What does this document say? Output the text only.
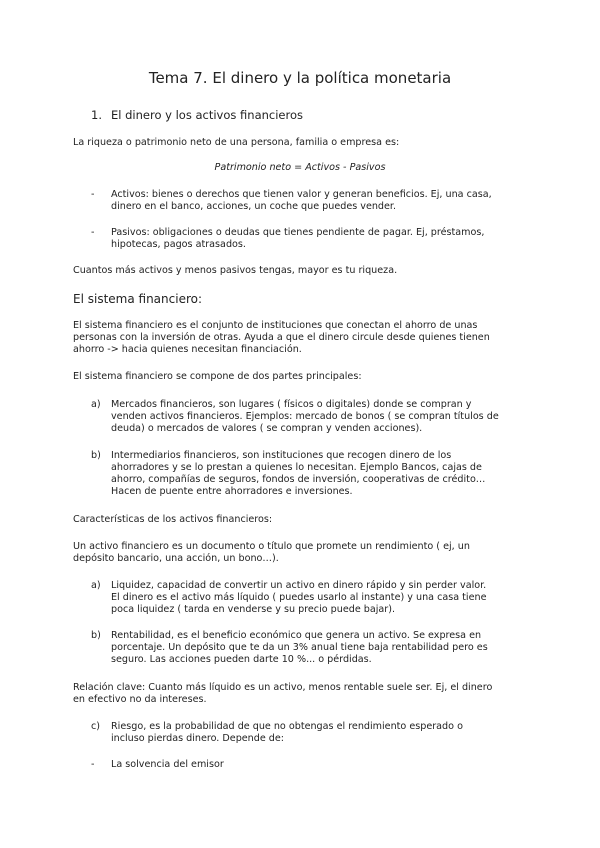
Tema 7. El dinero y la política monetaria
1. El dinero y los activos financieros
La riqueza o patrimonio neto de una persona, familia o empresa es:
Patrimonio neto = Activos - Pasivos
- Activos: bienes o derechos que tienen valor y generan beneficios. Ej, una casa,
dinero en el banco, acciones, un coche que puedes vender.
- Pasivos: obligaciones o deudas que tienes pendiente de pagar. Ej, préstamos,
hipotecas, pagos atrasados.
Cuantos más activos y menos pasivos tengas, mayor es tu riqueza.
El sistema financiero:
El sistema financiero es el conjunto de instituciones que conectan el ahorro de unas
personas con la inversión de otras. Ayuda a que el dinero circule desde quienes tienen
ahorro -> hacia quienes necesitan financiación.
El sistema financiero se compone de dos partes principales:
a) Mercados financieros, son lugares ( físicos o digitales) donde se compran y
venden activos financieros. Ejemplos: mercado de bonos ( se compran títulos de
deuda) o mercados de valores ( se compran y venden acciones).
b) Intermediarios financieros, son instituciones que recogen dinero de los
ahorradores y se lo prestan a quienes lo necesitan. Ejemplo Bancos, cajas de
ahorro, compañías de seguros, fondos de inversión, cooperativas de crédito…
Hacen de puente entre ahorradores e inversiones.
Características de los activos financieros:
Un activo financiero es un documento o título que promete un rendimiento ( ej, un
depósito bancario, una acción, un bono…).
a) Liquidez, capacidad de convertir un activo en dinero rápido y sin perder valor.
El dinero es el activo más líquido ( puedes usarlo al instante) y una casa tiene
poca liquidez ( tarda en venderse y su precio puede bajar).
b) Rentabilidad, es el beneficio económico que genera un activo. Se expresa en
porcentaje. Un depósito que te da un 3% anual tiene baja rentabilidad pero es
seguro. Las acciones pueden darte 10 %... o pérdidas.
Relación clave: Cuanto más líquido es un activo, menos rentable suele ser. Ej, el dinero
en efectivo no da intereses.
c) Riesgo, es la probabilidad de que no obtengas el rendimiento esperado o
incluso pierdas dinero. Depende de:
- La solvencia del emisor
